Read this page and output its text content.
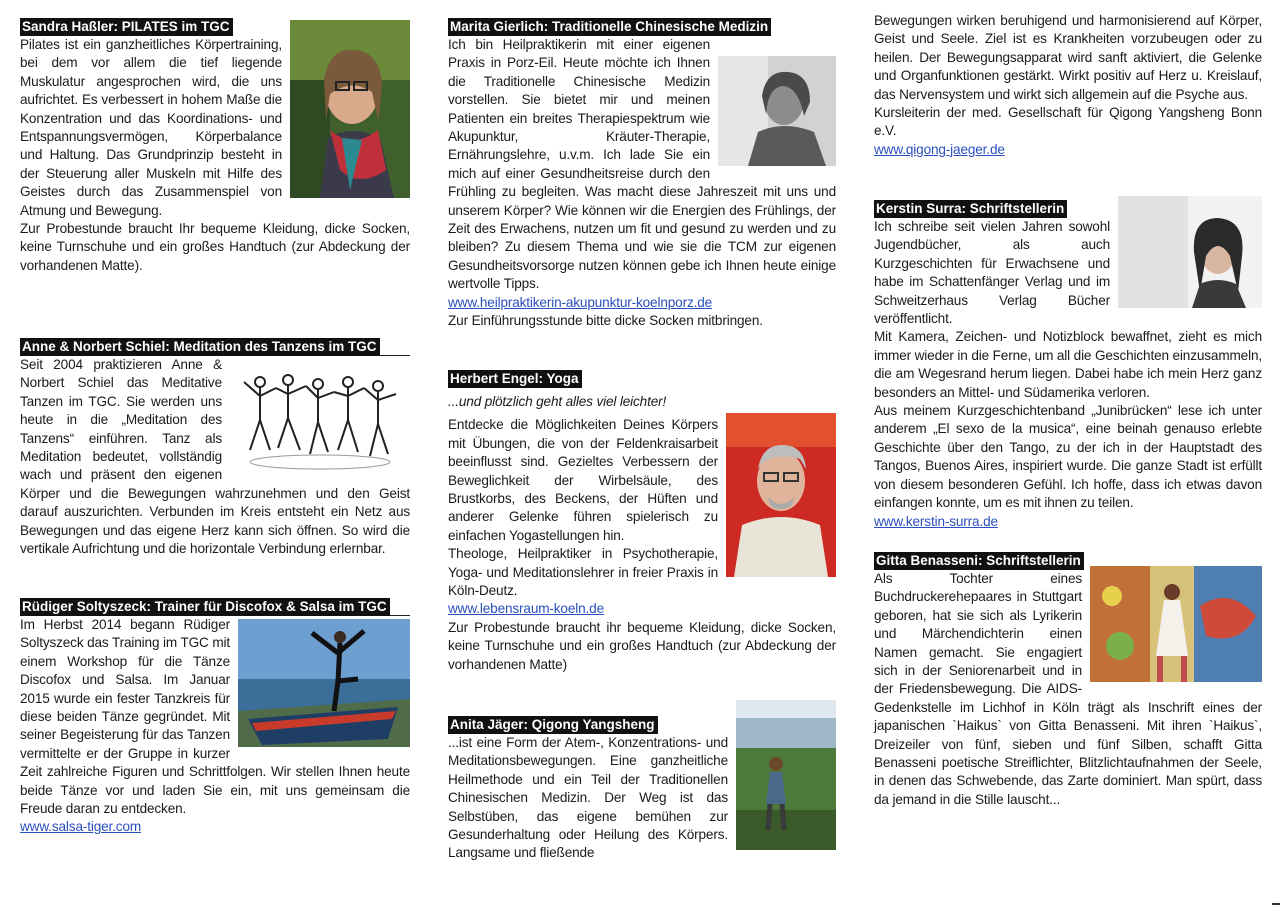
Sandra Haßler: PILATES im TGC
Pilates ist ein ganzheitliches Körpertraining, bei dem vor allem die tief liegende Muskulatur angesprochen wird, die uns aufrichtet. Es verbessert in hohem Maße die Konzentration und das Koordinations- und Entspannungsvermögen, Körperbalance und Haltung. Das Grundprinzip besteht in der Steuerung aller Muskeln mit Hilfe des Geistes durch das Zusammenspiel von Atmung und Bewegung.
Zur Probestunde braucht Ihr bequeme Kleidung, dicke Socken, keine Turnschuhe und ein großes Handtuch (zur Abdeckung der vorhandenen Matte).
Anne & Norbert Schiel: Meditation des Tanzens im TGC
Seit 2004 praktizieren Anne & Norbert Schiel das Meditative Tanzen im TGC. Sie werden uns heute in die „Meditation des Tanzens“ einführen. Tanz als Meditation bedeutet, vollständig wach und präsent den eigenen Körper und die Bewegungen wahrzunehmen und den Geist darauf auszurichten. Verbunden im Kreis entsteht ein Netz aus Bewegungen und das eigene Herz kann sich öffnen. So wird die vertikale Aufrichtung und die horizontale Verbindung erlernbar.
Rüdiger Soltyszeck: Trainer für Discofox & Salsa im TGC
Im Herbst 2014 begann Rüdiger Soltyszeck das Training im TGC mit einem Workshop für die Tänze Discofox und Salsa. Im Januar 2015 wurde ein fester Tanzkreis für diese beiden Tänze gegründet. Mit seiner Begeisterung für das Tanzen vermittelte er der Gruppe in kurzer Zeit zahlreiche Figuren und Schrittfolgen. Wir stellen Ihnen heute beide Tänze vor und laden Sie ein, mit uns gemeinsam die Freude daran zu entdecken.
www.salsa-tiger.com
Marita Gierlich: Traditionelle Chinesische Medizin
Ich bin Heilpraktikerin mit einer eigenen Praxis in Porz-Eil. Heute möchte ich Ihnen die Traditionelle Chinesische Medizin vorstellen. Sie bietet mir und meinen Patienten ein breites Therapiespektrum wie Akupunktur, Kräuter-Therapie, Ernährungslehre, u.v.m. Ich lade Sie ein mich auf einer Gesundheitsreise durch den Frühling zu begleiten. Was macht diese Jahreszeit mit uns und unserem Körper? Wie können wir die Energien des Frühlings, der Zeit des Erwachens, nutzen um fit und gesund zu werden und zu bleiben? Zu diesem Thema und wie sie die TCM zur eigenen Gesundheitsvorsorge nutzen können gebe ich Ihnen heute einige wertvolle Tipps.
www.heilpraktikerin-akupunktur-koelnporz.de
Zur Einführungsstunde bitte dicke Socken mitbringen.
Herbert Engel: Yoga
...und plötzlich geht alles viel leichter!
Entdecke die Möglichkeiten Deines Körpers mit Übungen, die von der Feldenkraisarbeit beeinflusst sind. Gezieltes Verbessern der Beweglichkeit der Wirbelsäule, des Brustkorbs, des Beckens, der Hüften und anderer Gelenke führen spielerisch zu einfachen Yogastellungen hin.
Theologe, Heilpraktiker in Psychotherapie, Yoga- und Meditationslehrer in freier Praxis in Köln-Deutz.
www.lebensraum-koeln.de
Zur Probestunde braucht ihr bequeme Kleidung, dicke Socken, keine Turnschuhe und ein großes Handtuch (zur Abdeckung der vorhandenen Matte)
Anita Jäger: Qigong Yangsheng
...ist eine Form der Atem-, Konzentrations- und Meditationsbewegungen. Eine ganzheitliche Heilmethode und ein Teil der Traditionellen Chinesischen Medizin. Der Weg ist das Selbstüben, das eigene bemühen zur Gesunderhaltung oder Heilung des Körpers. Langsame und fließende
Bewegungen wirken beruhigend und harmonisierend auf Körper, Geist und Seele. Ziel ist es Krankheiten vorzubeugen oder zu heilen. Der Bewegungsapparat wird sanft aktiviert, die Gelenke und Organfunktionen gestärkt. Wirkt positiv auf Herz u. Kreislauf, das Nervensystem und wirkt sich allgemein auf die Psyche aus.
Kursleiterin der med. Gesellschaft für Qigong Yangsheng Bonn e.V.
www.qigong-jaeger.de
Kerstin Surra: Schriftstellerin
Ich schreibe seit vielen Jahren sowohl Jugendbücher, als auch Kurzgeschichten für Erwachsene und habe im Schattenfänger Verlag und im Schweitzerhaus Verlag Bücher veröffentlicht.
Mit Kamera, Zeichen- und Notizblock bewaffnet, zieht es mich immer wieder in die Ferne, um all die Geschichten einzusammeln, die am Wegesrand herum liegen. Dabei habe ich mein Herz ganz besonders an Mittel- und Südamerika verloren.
Aus meinem Kurzgeschichtenband „Junibrücken“ lese ich unter anderem „El sexo de la musica“, eine beinah genauso erlebte Geschichte über den Tango, zu der ich in der Hauptstadt des Tangos, Buenos Aires, inspiriert wurde. Die ganze Stadt ist erfüllt von diesem besonderen Gefühl. Ich hoffe, dass ich etwas davon einfangen konnte, um es mit ihnen zu teilen.
www.kerstin-surra.de
Gitta Benasseni: Schriftstellerin
Als Tochter eines Buchdruckerehepaares in Stuttgart geboren, hat sie sich als Lyrikerin und Märchendichterin einen Namen gemacht. Sie engagiert sich in der Seniorenarbeit und in der Friedensbewegung. Die AIDS-Gedenkstelle im Lichhof in Köln trägt als Inschrift eines der japanischen `Haikus` von Gitta Benasseni. Mit ihren `Haikus`, Dreizeiler von fünf, sieben und fünf Silben, schafft Gitta Benasseni poetische Streiflichter, Blitzlichtaufnahmen der Seele, in denen das Schwebende, das Zarte dominiert. Man spürt, dass da jemand in die Stille lauscht...
